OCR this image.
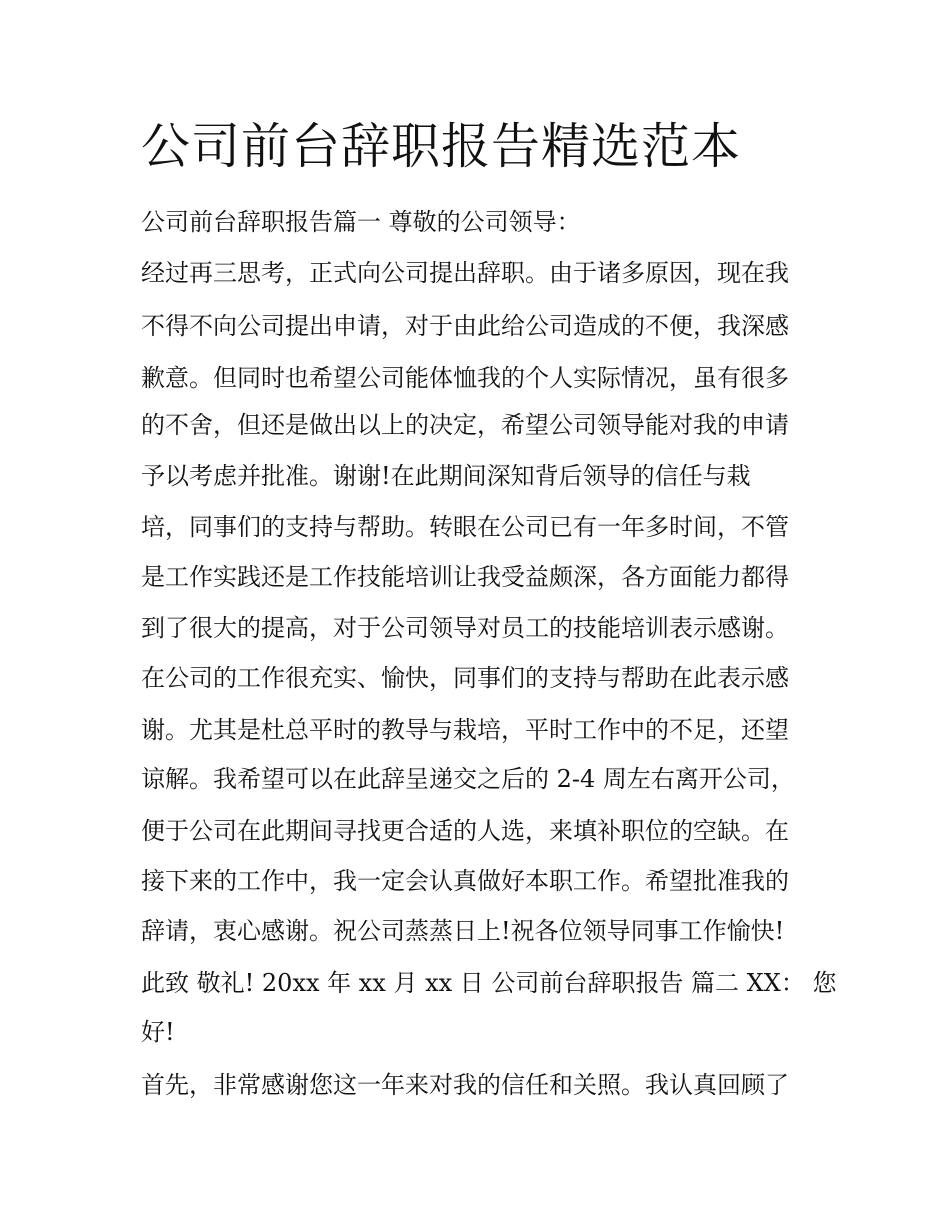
公司前台辞职报告精选范本

公司前台辞职报告篇一 尊敬的公司领导：

经过再三思考，正式向公司提出辞职。由于诸多原因，现在我

不得不向公司提出申请，对于由此给公司造成的不便，我深感

歉意。但同时也希望公司能体恤我的个人实际情况，虽有很多

的不舍，但还是做出以上的决定，希望公司领导能对我的申请

予以考虑并批准。谢谢!在此期间深知背后领导的信任与栽

培，同事们的支持与帮助。转眼在公司已有一年多时间，不管

是工作实践还是工作技能培训让我受益颇深，各方面能力都得

到了很大的提高，对于公司领导对员工的技能培训表示感谢。

在公司的工作很充实、愉快，同事们的支持与帮助在此表示感

谢。尤其是杜总平时的教导与栽培，平时工作中的不足，还望

谅解。我希望可以在此辞呈递交之后的 2-4 周左右离开公司，

便于公司在此期间寻找更合适的人选，来填补职位的空缺。在

接下来的工作中，我一定会认真做好本职工作。希望批准我的

辞请，衷心感谢。祝公司蒸蒸日上!祝各位领导同事工作愉快!

此致 敬礼! 20xx 年 xx 月 xx 日 公司前台辞职报告 篇二 XX： 您

好!

首先，非常感谢您这一年来对我的信任和关照。我认真回顾了
